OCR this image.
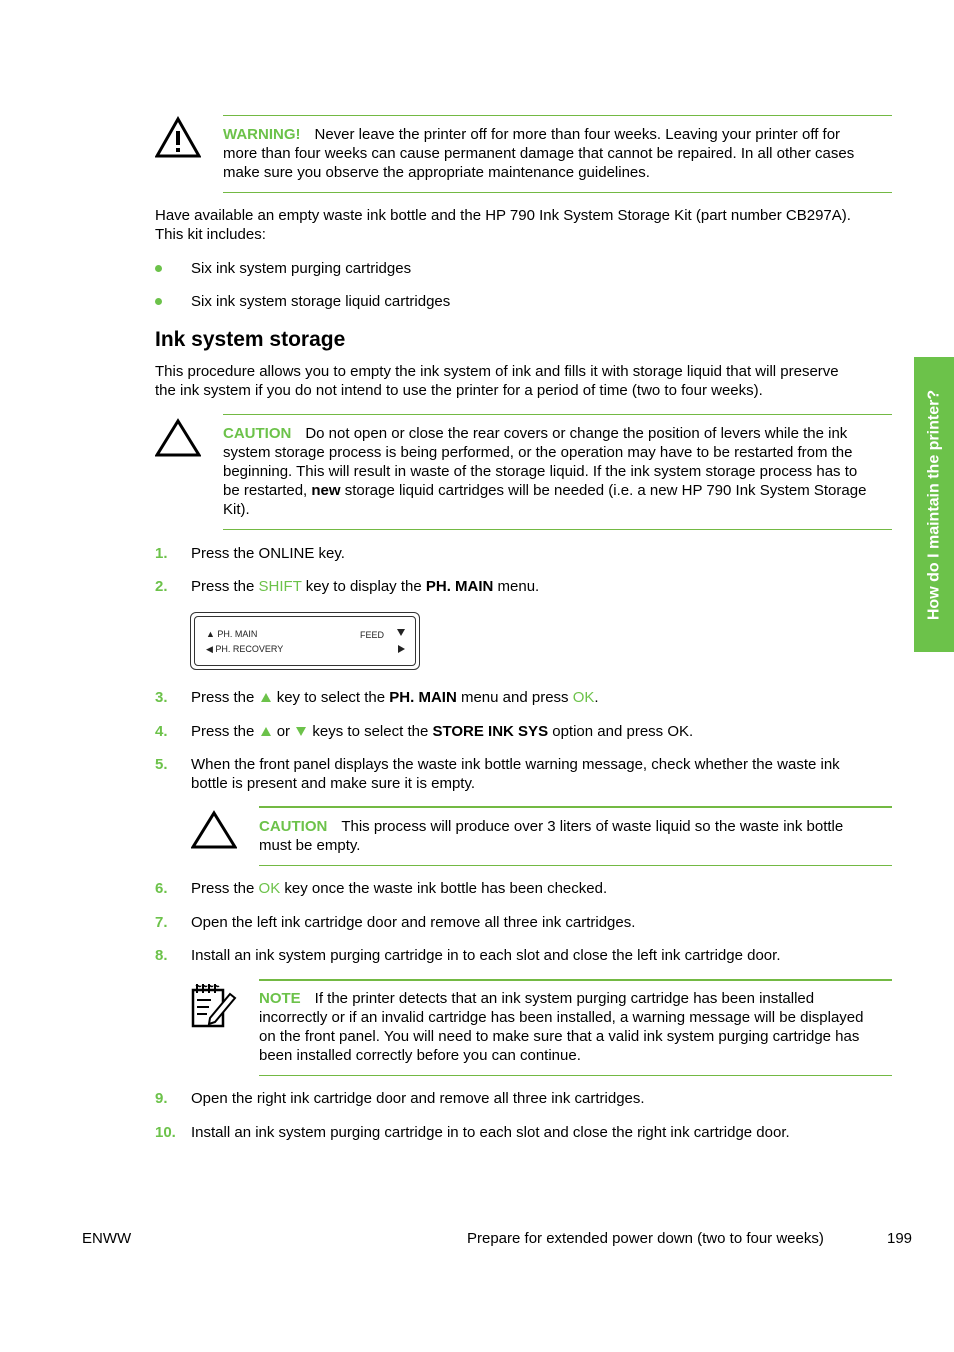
WARNING! Never leave the printer off for more than four weeks. Leaving your printer off for
more than four weeks can cause permanent damage that cannot be repaired. In all other cases
make sure you observe the appropriate maintenance guidelines.
Have available an empty waste ink bottle and the HP 790 Ink System Storage Kit (part number CB297A).
This kit includes:
Six ink system purging cartridges
Six ink system storage liquid cartridges
Ink system storage
This procedure allows you to empty the ink system of ink and fills it with storage liquid that will preserve
the ink system if you do not intend to use the printer for a period of time (two to four weeks).
CAUTION Do not open or close the rear covers or change the position of levers while the ink
system storage process is being performed, or the operation may have to be restarted from the
beginning. This will result in waste of the storage liquid. If the ink system storage process has to
be restarted, new storage liquid cartridges will be needed (i.e. a new HP 790 Ink System Storage
Kit).
1. Press the ONLINE key.
2. Press the SHIFT key to display the PH. MAIN menu.
▲ PH. MAIN	FEED
◀ PH. RECOVERY
3. Press the key to select the PH. MAIN menu and press OK.
4. Press the or keys to select the STORE INK SYS option and press OK.
5. When the front panel displays the waste ink bottle warning message, check whether the waste ink
bottle is present and make sure it is empty.
CAUTION This process will produce over 3 liters of waste liquid so the waste ink bottle
must be empty.
6. Press the OK key once the waste ink bottle has been checked.
7. Open the left ink cartridge door and remove all three ink cartridges.
8. Install an ink system purging cartridge in to each slot and close the left ink cartridge door.
NOTE If the printer detects that an ink system purging cartridge has been installed
incorrectly or if an invalid cartridge has been installed, a warning message will be displayed
on the front panel. You will need to make sure that a valid ink system purging cartridge has
been installed correctly before you can continue.
9. Open the right ink cartridge door and remove all three ink cartridges.
10. Install an ink system purging cartridge in to each slot and close the right ink cartridge door.
How do I maintain the printer?
ENWW	Prepare for extended power down (two to four weeks)	199
